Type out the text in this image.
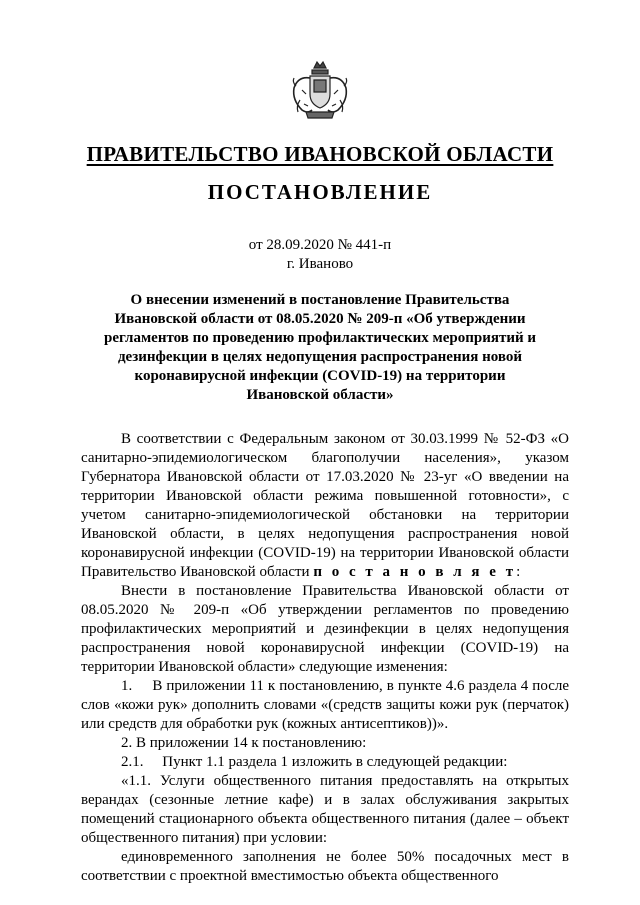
ПРАВИТЕЛЬСТВО ИВАНОВСКОЙ ОБЛАСТИ
ПОСТАНОВЛЕНИЕ
от 28.09.2020 № 441-п
г. Иваново
О внесении изменений в постановление Правительства Ивановской области от 08.05.2020 № 209-п «Об утверждении регламентов по проведению профилактических мероприятий и дезинфекции в целях недопущения распространения новой коронавирусной инфекции (COVID-19) на территории Ивановской области»

В соответствии с Федеральным законом от 30.03.1999 № 52-ФЗ «О санитарно-эпидемиологическом благополучии населения», указом Губернатора Ивановской области от 17.03.2020 № 23-уг «О введении на территории Ивановской области режима повышенной готовности», с учетом санитарно-эпидемиологической обстановки на территории Ивановской области, в целях недопущения распространения новой коронавирусной инфекции (COVID-19) на территории Ивановской области Правительство Ивановской области п о с т а н о в л я е т:

Внести в постановление Правительства Ивановской области от 08.05.2020 № 209-п «Об утверждении регламентов по проведению профилактических мероприятий и дезинфекции в целях недопущения распространения новой коронавирусной инфекции (COVID-19) на территории Ивановской области» следующие изменения:

1.     В приложении 11 к постановлению, в пункте 4.6 раздела 4 после слов «кожи рук» дополнить словами «(средств защиты кожи рук (перчаток) или средств для обработки рук (кожных антисептиков))».

2. В приложении 14 к постановлению:

2.1.     Пункт 1.1 раздела 1 изложить в следующей редакции:

«1.1. Услуги общественного питания предоставлять на открытых верандах (сезонные летние кафе) и в залах обслуживания закрытых помещений стационарного объекта общественного питания (далее – объект общественного питания) при условии:

единовременного заполнения не более 50% посадочных мест в соответствии с проектной вместимостью объекта общественного
